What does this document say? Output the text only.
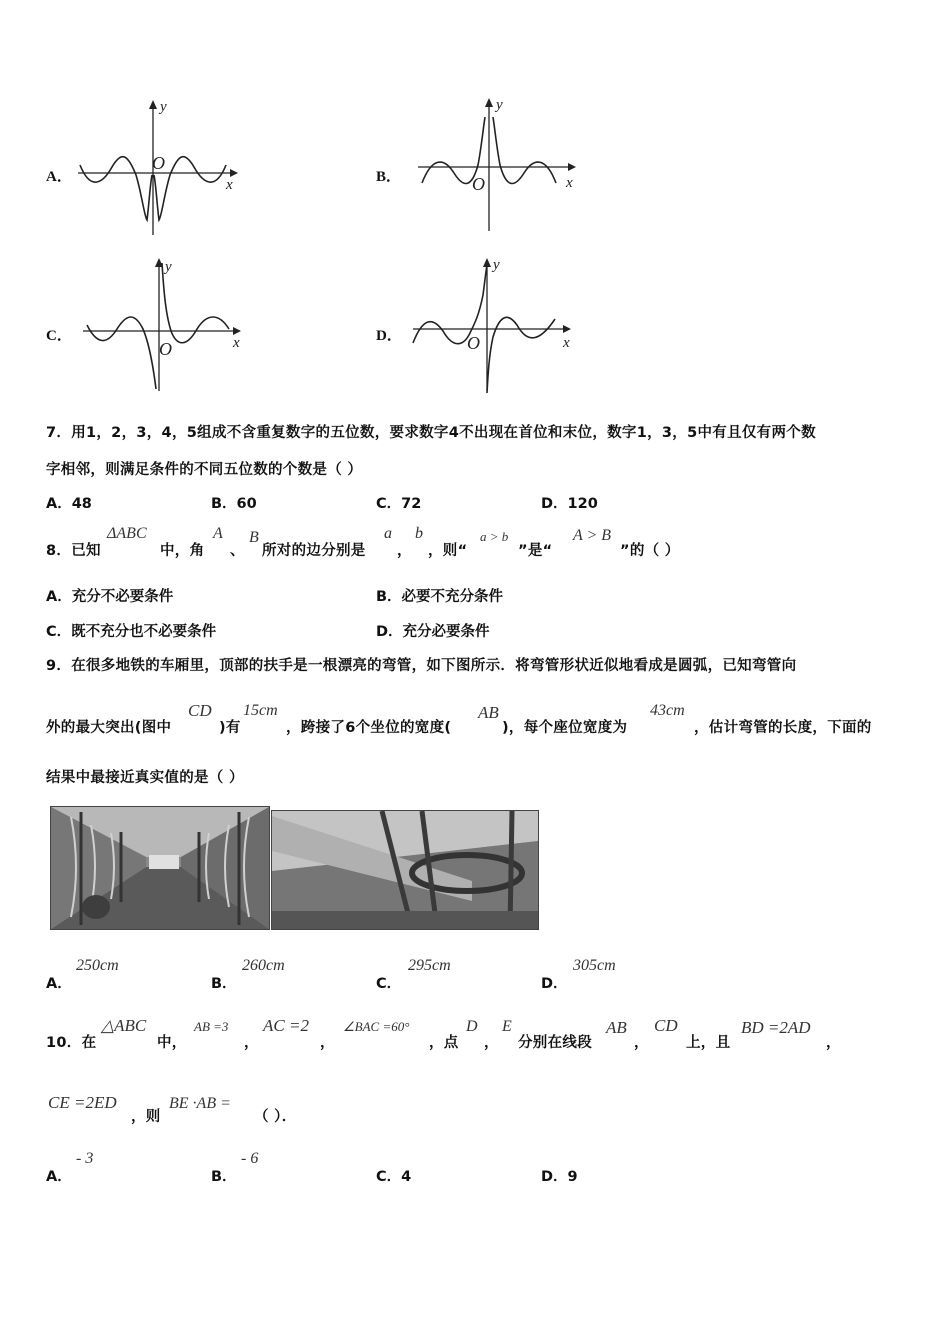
A．	x
y
O
B．	x
y
O
C．	x
y
O
D．	x
y
O
7．用1，2，3，4，5组成不含重复数字的五位数，要求数字4不出现在首位和末位，数字1，3，5中有且仅有两个数
字相邻，则满足条件的不同五位数的个数是（ ）
A．48	B．60	C．72	D．120
8．已知
ΔABC
中，角
A
、
B
所对的边分别是
a
，
b
，则“
a > b
”是“
A > B
”的（ ）
A．充分不必要条件	B．必要不充分条件
C．既不充分也不必要条件	D．充分必要条件
9．在很多地铁的车厢里，顶部的扶手是一根漂亮的弯管，如下图所示．将弯管形状近似地看成是圆弧，已知弯管向
外的最大突出(图中
CD
)有
15cm
，跨接了6个坐位的宽度(
AB
)，每个座位宽度为
43cm
，估计弯管的长度，下面的
结果中最接近真实值的是（ ）
A．
250cm
B．
260cm
C．
295cm
D．
305cm
10．在
△ABC
中，
AB =3
，
AC =2
，
∠BAC =60°
，点
D
，
E
分别在线段
AB
，
CD
上，且
BD =2AD
，
CE =2ED
，则
BE ·AB =
（ ）．
A．
- 3
B．
- 6
C．4	D．9
